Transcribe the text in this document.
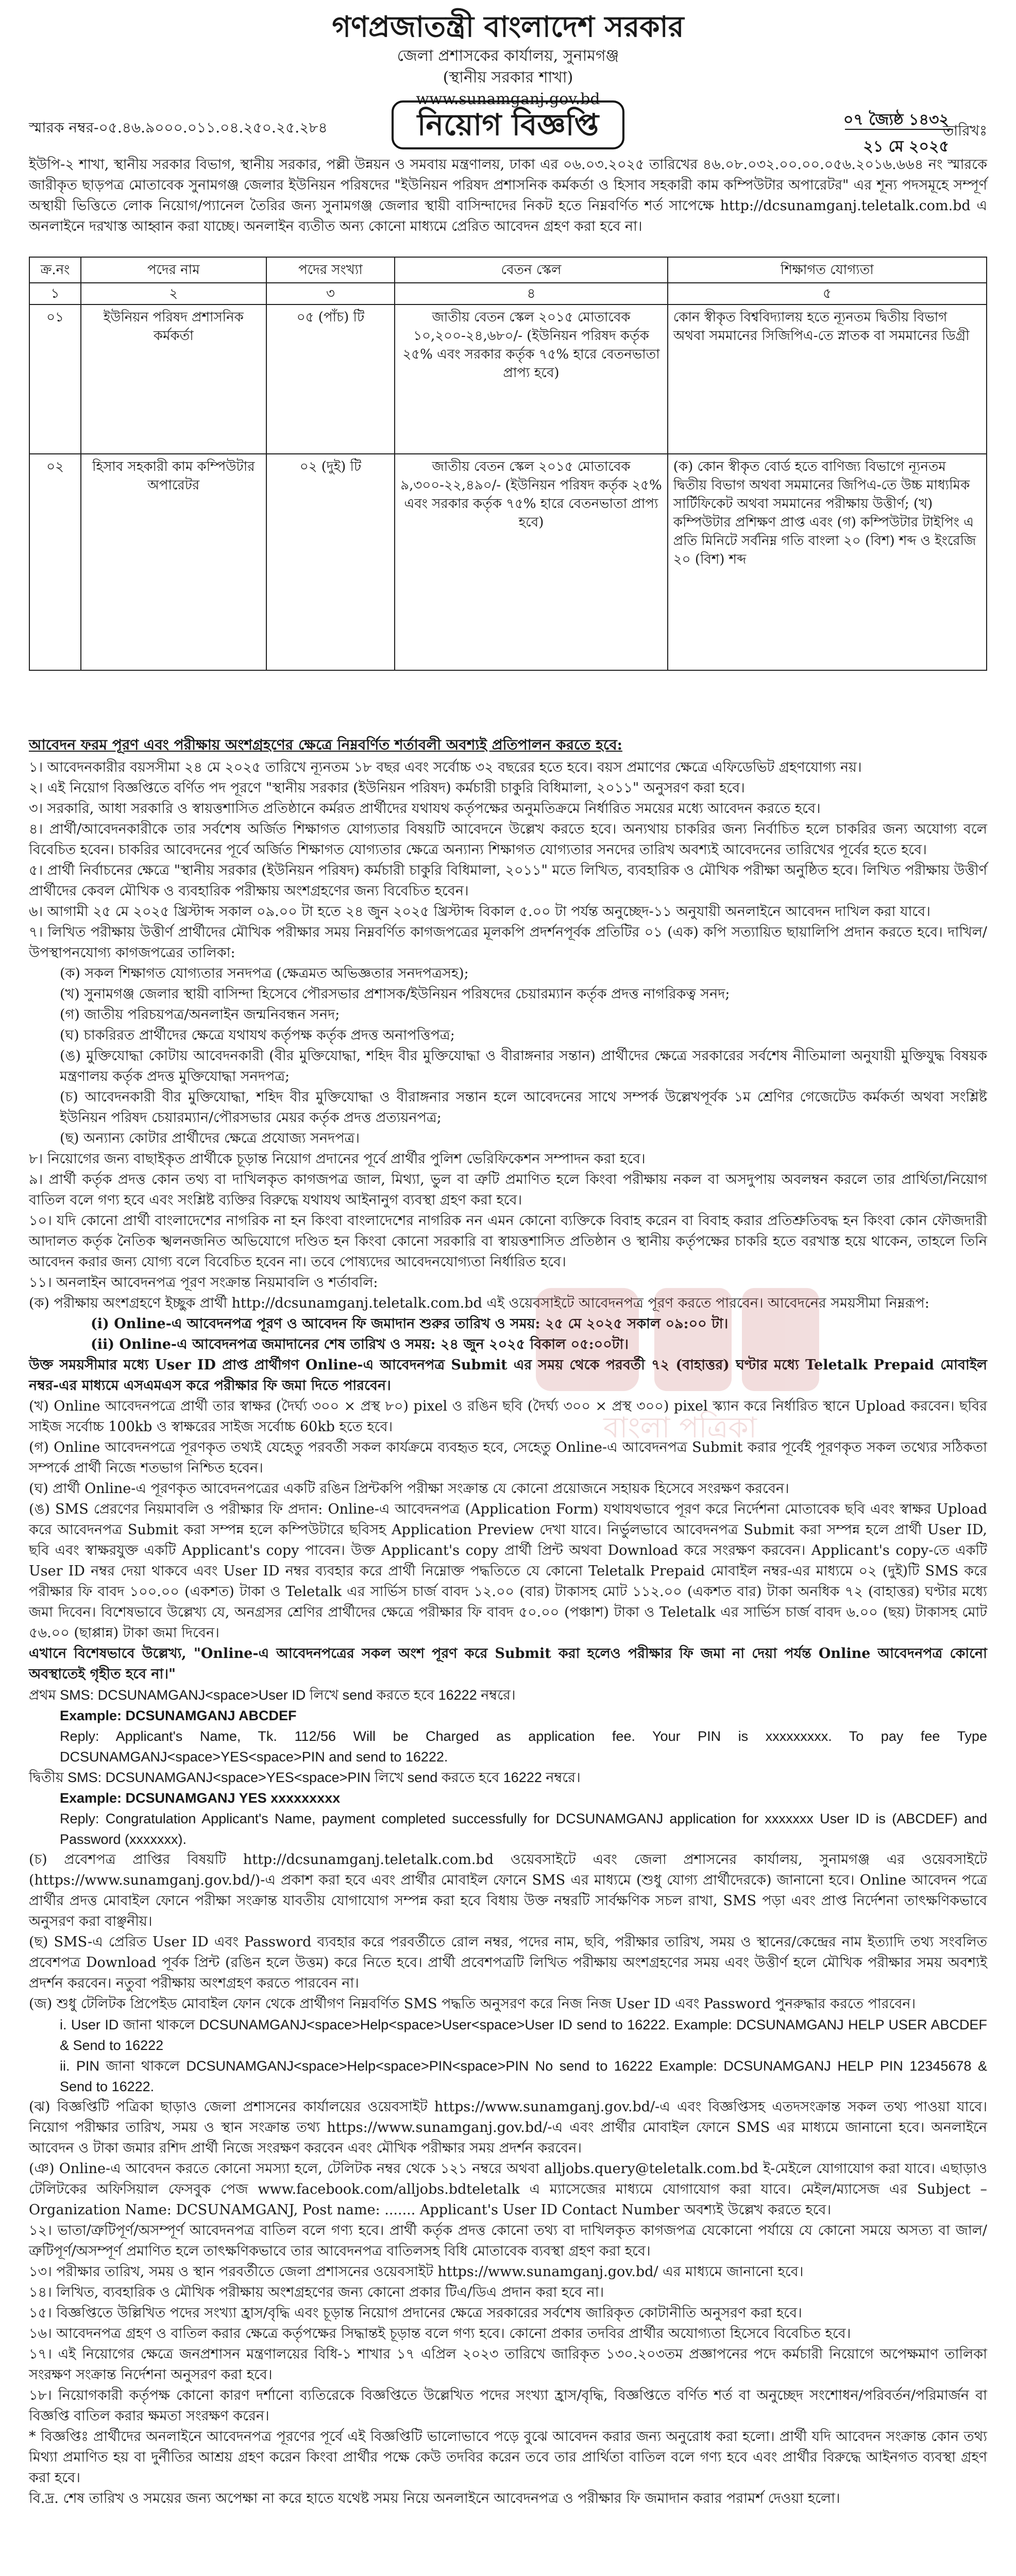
গণপ্রজাতন্ত্রী বাংলাদেশ সরকার
জেলা প্রশাসকের কার্যালয়, সুনামগঞ্জ
(স্থানীয় সরকার শাখা)
www.sunamganj.gov.bd
স্মারক নম্বর-০৫.৪৬.৯০০০.০১১.০৪.২৫০.২৫.২৮৪	নিয়োগ বিজ্ঞপ্তি	০৭ জ্যৈষ্ঠ ১৪৩২
তারিখঃ
২১ মে ২০২৫
ইউপি-২ শাখা, স্থানীয় সরকার বিভাগ, স্থানীয় সরকার, পল্লী উন্নয়ন ও সমবায় মন্ত্রণালয়, ঢাকা এর ০৬.০৩.২০২৫ তারিখের ৪৬.০৮.০৩২.০০.০০.০৫৬.২০১৬.৬৬৪ নং স্মারকে জারীকৃত ছাড়পত্র মোতাবেক সুনামগঞ্জ জেলার ইউনিয়ন পরিষদের "ইউনিয়ন পরিষদ প্রশাসনিক কর্মকর্তা ও হিসাব সহকারী কাম কম্পিউটার অপারেটর" এর শূন্য পদসমূহে সম্পূর্ণ অস্থায়ী ভিত্তিতে লোক নিয়োগ/প্যানেল তৈরির জন্য সুনামগঞ্জ জেলার স্থায়ী বাসিন্দাদের নিকট হতে নিম্নবর্ণিত শর্ত সাপেক্ষে http://dcsunamganj.teletalk.com.bd এ অনলাইনে দরখাস্ত আহ্বান করা যাচ্ছে। অনলাইন ব্যতীত অন্য কোনো মাধ্যমে প্রেরিত আবেদন গ্রহণ করা হবে না।
ক্র.নং	পদের নাম	পদের সংখ্যা	বেতন স্কেল	শিক্ষাগত যোগ্যতা
১	২	৩	৪	৫
০১	ইউনিয়ন পরিষদ প্রশাসনিক কর্মকর্তা	০৫ (পাঁচ) টি	জাতীয় বেতন স্কেল ২০১৫ মোতাবেক ১০,২০০-২৪,৬৮০/- (ইউনিয়ন পরিষদ কর্তৃক ২৫% এবং সরকার কর্তৃক ৭৫% হারে বেতনভাতা প্রাপ্য হবে)	কোন স্বীকৃত বিশ্ববিদ্যালয় হতে ন্যূনতম দ্বিতীয় বিভাগ অথবা সমমানের সিজিপিএ-তে স্নাতক বা সমমানের ডিগ্রী
০২	হিসাব সহকারী কাম কম্পিউটার অপারেটর	০২ (দুই) টি	জাতীয় বেতন স্কেল ২০১৫ মোতাবেক ৯,৩০০-২২,৪৯০/- (ইউনিয়ন পরিষদ কর্তৃক ২৫% এবং সরকার কর্তৃক ৭৫% হারে বেতনভাতা প্রাপ্য হবে)	(ক) কোন স্বীকৃত বোর্ড হতে বাণিজ্য বিভাগে ন্যূনতম দ্বিতীয় বিভাগ অথবা সমমানের জিপিএ-তে উচ্চ মাধ্যমিক সার্টিফিকেট অথবা সমমানের পরীক্ষায় উত্তীর্ণ; (খ) কম্পিউটার প্রশিক্ষণ প্রাপ্ত এবং (গ) কম্পিউটার টাইপিং এ প্রতি মিনিটে সর্বনিম্ন গতি বাংলা ২০ (বিশ) শব্দ ও ইংরেজি ২০ (বিশ) শব্দ
আবেদন ফরম পূরণ এবং পরীক্ষায় অংশগ্রহণের ক্ষেত্রে নিম্নবর্ণিত শর্তাবলী অবশ্যই প্রতিপালন করতে হবে:

১। আবেদনকারীর বয়সসীমা ২৪ মে ২০২৫ তারিখে ন্যূনতম ১৮ বছর এবং সর্বোচ্চ ৩২ বছরের হতে হবে। বয়স প্রমাণের ক্ষেত্রে এফিডেভিট গ্রহণযোগ্য নয়।

২। এই নিয়োগ বিজ্ঞপ্তিতে বর্ণিত পদ পূরণে "স্থানীয় সরকার (ইউনিয়ন পরিষদ) কর্মচারী চাকুরি বিধিমালা, ২০১১" অনুসরণ করা হবে।

৩। সরকারি, আধা সরকারি ও স্বায়ত্তশাসিত প্রতিষ্ঠানে কর্মরত প্রার্থীদের যথাযথ কর্তৃপক্ষের অনুমতিক্রমে নির্ধারিত সময়ের মধ্যে আবেদন করতে হবে।

৪। প্রার্থী/আবেদনকারীকে তার সর্বশেষ অর্জিত শিক্ষাগত যোগ্যতার বিষয়টি আবেদনে উল্লেখ করতে হবে। অন্যথায় চাকরির জন্য নির্বাচিত হলে চাকরির জন্য অযোগ্য বলে বিবেচিত হবেন। চাকরির আবেদনের পূর্বে অর্জিত শিক্ষাগত যোগ্যতার ক্ষেত্রে অন্যান্য শিক্ষাগত যোগ্যতার সনদের তারিখ অবশ্যই আবেদনের তারিখের পূর্বের হতে হবে।

৫। প্রার্থী নির্বাচনের ক্ষেত্রে "স্থানীয় সরকার (ইউনিয়ন পরিষদ) কর্মচারী চাকুরি বিধিমালা, ২০১১" মতে লিখিত, ব্যবহারিক ও মৌখিক পরীক্ষা অনুষ্ঠিত হবে। লিখিত পরীক্ষায় উত্তীর্ণ প্রার্থীদের কেবল মৌখিক ও ব্যবহারিক পরীক্ষায় অংশগ্রহণের জন্য বিবেচিত হবেন।

৬। আগামী ২৫ মে ২০২৫ খ্রিস্টাব্দ সকাল ০৯.০০ টা হতে ২৪ জুন ২০২৫ খ্রিস্টাব্দ বিকাল ৫.০০ টা পর্যন্ত অনুচ্ছেদ-১১ অনুযায়ী অনলাইনে আবেদন দাখিল করা যাবে।

৭। লিখিত পরীক্ষায় উত্তীর্ণ প্রার্থীদের মৌখিক পরীক্ষার সময় নিম্নবর্ণিত কাগজপত্রের মূলকপি প্রদর্শনপূর্বক প্রতিটির ০১ (এক) কপি সত্যায়িত ছায়ালিপি প্রদান করতে হবে। দাখিল/উপস্থাপনযোগ্য কাগজপত্রের তালিকা:

(ক) সকল শিক্ষাগত যোগ্যতার সনদপত্র (ক্ষেত্রমত অভিজ্ঞতার সনদপত্রসহ);

(খ) সুনামগঞ্জ জেলার স্থায়ী বাসিন্দা হিসেবে পৌরসভার প্রশাসক/ইউনিয়ন পরিষদের চেয়ারম্যান কর্তৃক প্রদত্ত নাগরিকত্ব সনদ;

(গ) জাতীয় পরিচয়পত্র/অনলাইন জন্মনিবন্ধন সনদ;

(ঘ) চাকরিরত প্রার্থীদের ক্ষেত্রে যথাযথ কর্তৃপক্ষ কর্তৃক প্রদত্ত অনাপত্তিপত্র;

(ঙ) মুক্তিযোদ্ধা কোটায় আবেদনকারী (বীর মুক্তিযোদ্ধা, শহিদ বীর মুক্তিযোদ্ধা ও বীরাঙ্গনার সন্তান) প্রার্থীদের ক্ষেত্রে সরকারের সর্বশেষ নীতিমালা অনুযায়ী মুক্তিযুদ্ধ বিষয়ক মন্ত্রণালয় কর্তৃক প্রদত্ত মুক্তিযোদ্ধা সনদপত্র;

(চ) আবেদনকারী বীর মুক্তিযোদ্ধা, শহিদ বীর মুক্তিযোদ্ধা ও বীরাঙ্গনার সন্তান হলে আবেদনের সাথে সম্পর্ক উল্লেখপূর্বক ১ম শ্রেণির গেজেটেড কর্মকর্তা অথবা সংশ্লিষ্ট ইউনিয়ন পরিষদ চেয়ারম্যান/পৌরসভার মেয়র কর্তৃক প্রদত্ত প্রত্যয়নপত্র;

(ছ) অন্যান্য কোটার প্রার্থীদের ক্ষেত্রে প্রযোজ্য সনদপত্র।

৮। নিয়োগের জন্য বাছাইকৃত প্রার্থীকে চূড়ান্ত নিয়োগ প্রদানের পূর্বে প্রার্থীর পুলিশ ভেরিফিকেশন সম্পাদন করা হবে।

৯। প্রার্থী কর্তৃক প্রদত্ত কোন তথ্য বা দাখিলকৃত কাগজপত্র জাল, মিথ্যা, ভুল বা ত্রুটি প্রমাণিত হলে কিংবা পরীক্ষায় নকল বা অসদুপায় অবলম্বন করলে তার প্রার্থিতা/নিয়োগ বাতিল বলে গণ্য হবে এবং সংশ্লিষ্ট ব্যক্তির বিরুদ্ধে যথাযথ আইনানুগ ব্যবস্থা গ্রহণ করা হবে।

১০। যদি কোনো প্রার্থী বাংলাদেশের নাগরিক না হন কিংবা বাংলাদেশের নাগরিক নন এমন কোনো ব্যক্তিকে বিবাহ করেন বা বিবাহ করার প্রতিশ্রুতিবদ্ধ হন কিংবা কোন ফৌজদারী আদালত কর্তৃক নৈতিক স্খলনজনিত অভিযোগে দণ্ডিত হন কিংবা কোনো সরকারি বা স্বায়ত্তশাসিত প্রতিষ্ঠান ও স্থানীয় কর্তৃপক্ষের চাকরি হতে বরখাস্ত হয়ে থাকেন, তাহলে তিনি আবেদন করার জন্য যোগ্য বলে বিবেচিত হবেন না। তবে পোষ্যদের আবেদনযোগ্যতা নির্ধারিত হবে।

১১। অনলাইন আবেদনপত্র পূরণ সংক্রান্ত নিয়মাবলি ও শর্তাবলি:

(ক) পরীক্ষায় অংশগ্রহণে ইচ্ছুক প্রার্থী http://dcsunamganj.teletalk.com.bd এই ওয়েবসাইটে আবেদনপত্র পূরণ করতে পারবেন। আবেদনের সময়সীমা নিম্নরূপ:

(i) Online-এ আবেদনপত্র পূরণ ও আবেদন ফি জমাদান শুরুর তারিখ ও সময়: ২৫ মে ২০২৫ সকাল ০৯:০০ টা।

(ii) Online-এ আবেদনপত্র জমাদানের শেষ তারিখ ও সময়: ২৪ জুন ২০২৫ বিকাল ০৫:০০টা।

উক্ত সময়সীমার মধ্যে User ID প্রাপ্ত প্রার্থীগণ Online-এ আবেদনপত্র Submit এর সময় থেকে পরবর্তী ৭২ (বাহাত্তর) ঘণ্টার মধ্যে Teletalk Prepaid মোবাইল নম্বর-এর মাধ্যমে এসএমএস করে পরীক্ষার ফি জমা দিতে পারবেন।

(খ) Online আবেদনপত্রে প্রার্থী তার স্বাক্ষর (দৈর্ঘ্য ৩০০ × প্রস্থ ৮০) pixel ও রঙিন ছবি (দৈর্ঘ্য ৩০০ × প্রস্থ ৩০০) pixel স্ক্যান করে নির্ধারিত স্থানে Upload করবেন। ছবির সাইজ সর্বোচ্চ 100kb ও স্বাক্ষরের সাইজ সর্বোচ্চ 60kb হতে হবে।

(গ) Online আবেদনপত্রে পূরণকৃত তথ্যই যেহেতু পরবর্তী সকল কার্যক্রমে ব্যবহৃত হবে, সেহেতু Online-এ আবেদনপত্র Submit করার পূর্বেই পূরণকৃত সকল তথ্যের সঠিকতা সম্পর্কে প্রার্থী নিজে শতভাগ নিশ্চিত হবেন।

(ঘ) প্রার্থী Online-এ পূরণকৃত আবেদনপত্রের একটি রঙিন প্রিন্টকপি পরীক্ষা সংক্রান্ত যে কোনো প্রয়োজনে সহায়ক হিসেবে সংরক্ষণ করবেন।

(ঙ) SMS প্রেরণের নিয়মাবলি ও পরীক্ষার ফি প্রদান: Online-এ আবেদনপত্র (Application Form) যথাযথভাবে পূরণ করে নির্দেশনা মোতাবেক ছবি এবং স্বাক্ষর Upload করে আবেদনপত্র Submit করা সম্পন্ন হলে কম্পিউটারে ছবিসহ Application Preview দেখা যাবে। নির্ভুলভাবে আবেদনপত্র Submit করা সম্পন্ন হলে প্রার্থী User ID, ছবি এবং স্বাক্ষরযুক্ত একটি Applicant's copy পাবেন। উক্ত Applicant's copy প্রার্থী প্রিন্ট অথবা Download করে সংরক্ষণ করবেন। Applicant's copy-তে একটি User ID নম্বর দেয়া থাকবে এবং User ID নম্বর ব্যবহার করে প্রার্থী নিম্নোক্ত পদ্ধতিতে যে কোনো Teletalk Prepaid মোবাইল নম্বর-এর মাধ্যমে ০২ (দুই)টি SMS করে পরীক্ষার ফি বাবদ ১০০.০০ (একশত) টাকা ও Teletalk এর সার্ভিস চার্জ বাবদ ১২.০০ (বার) টাকাসহ মোট ১১২.০০ (একশত বার) টাকা অনধিক ৭২ (বাহাত্তর) ঘণ্টার মধ্যে জমা দিবেন। বিশেষভাবে উল্লেখ্য যে, অনগ্রসর শ্রেণির প্রার্থীদের ক্ষেত্রে পরীক্ষার ফি বাবদ ৫০.০০ (পঞ্চাশ) টাকা ও Teletalk এর সার্ভিস চার্জ বাবদ ৬.০০ (ছয়) টাকাসহ মোট ৫৬.০০ (ছাপ্পান্ন) টাকা জমা দিবেন।

এখানে বিশেষভাবে উল্লেখ্য, "Online-এ আবেদনপত্রের সকল অংশ পূরণ করে Submit করা হলেও পরীক্ষার ফি জমা না দেয়া পর্যন্ত Online আবেদনপত্র কোনো অবস্থাতেই গৃহীত হবে না।"

প্রথম SMS: DCSUNAMGANJ<space>User ID লিখে send করতে হবে 16222 নম্বরে।

Example: DCSUNAMGANJ ABCDEF

Reply: Applicant's Name, Tk. 112/56 Will be Charged as application fee. Your PIN is xxxxxxxxx. To pay fee Type DCSUNAMGANJ<space>YES<space>PIN and send to 16222.

দ্বিতীয় SMS: DCSUNAMGANJ<space>YES<space>PIN লিখে send করতে হবে 16222 নম্বরে।

Example: DCSUNAMGANJ YES xxxxxxxxx

Reply: Congratulation Applicant's Name, payment completed successfully for DCSUNAMGANJ application for xxxxxxx User ID is (ABCDEF) and Password (xxxxxxx).

(চ) প্রবেশপত্র প্রাপ্তির বিষয়টি http://dcsunamganj.teletalk.com.bd ওয়েবসাইটে এবং জেলা প্রশাসনের কার্যালয়, সুনামগঞ্জ এর ওয়েবসাইটে (https://www.sunamganj.gov.bd/)-এ প্রকাশ করা হবে এবং প্রার্থীর মোবাইল ফোনে SMS এর মাধ্যমে (শুধু যোগ্য প্রার্থীদেরকে) জানানো হবে। Online আবেদন পত্রে প্রার্থীর প্রদত্ত মোবাইল ফোনে পরীক্ষা সংক্রান্ত যাবতীয় যোগাযোগ সম্পন্ন করা হবে বিধায় উক্ত নম্বরটি সার্বক্ষণিক সচল রাখা, SMS পড়া এবং প্রাপ্ত নির্দেশনা তাৎক্ষণিকভাবে অনুসরণ করা বাঞ্ছনীয়।

(ছ) SMS-এ প্রেরিত User ID এবং Password ব্যবহার করে পরবর্তীতে রোল নম্বর, পদের নাম, ছবি, পরীক্ষার তারিখ, সময় ও স্থানের/কেন্দ্রের নাম ইত্যাদি তথ্য সংবলিত প্রবেশপত্র Download পূর্বক প্রিন্ট (রঙিন হলে উত্তম) করে নিতে হবে। প্রার্থী প্রবেশপত্রটি লিখিত পরীক্ষায় অংশগ্রহণের সময় এবং উত্তীর্ণ হলে মৌখিক পরীক্ষার সময় অবশ্যই প্রদর্শন করবেন। নতুবা পরীক্ষায় অংশগ্রহণ করতে পারবেন না।

(জ) শুধু টেলিটক প্রিপেইড মোবাইল ফোন থেকে প্রার্থীগণ নিম্নবর্ণিত SMS পদ্ধতি অনুসরণ করে নিজ নিজ User ID এবং Password পুনরুদ্ধার করতে পারবেন।

i. User ID জানা থাকলে DCSUNAMGANJ<space>Help<space>User<space>User ID send to 16222. Example: DCSUNAMGANJ HELP USER ABCDEF & Send to 16222

ii. PIN জানা থাকলে DCSUNAMGANJ<space>Help<space>PIN<space>PIN No send to 16222 Example: DCSUNAMGANJ HELP PIN 12345678 & Send to 16222.

(ঝ) বিজ্ঞপ্তিটি পত্রিকা ছাড়াও জেলা প্রশাসনের কার্যালয়ের ওয়েবসাইট https://www.sunamganj.gov.bd/-এ এবং বিজ্ঞপ্তিসহ এতদসংক্রান্ত সকল তথ্য পাওয়া যাবে। নিয়োগ পরীক্ষার তারিখ, সময় ও স্থান সংক্রান্ত তথ্য https://www.sunamganj.gov.bd/-এ এবং প্রার্থীর মোবাইল ফোনে SMS এর মাধ্যমে জানানো হবে। অনলাইনে আবেদন ও টাকা জমার রশিদ প্রার্থী নিজে সংরক্ষণ করবেন এবং মৌখিক পরীক্ষার সময় প্রদর্শন করবেন।

(ঞ) Online-এ আবেদন করতে কোনো সমস্যা হলে, টেলিটক নম্বর থেকে ১২১ নম্বরে অথবা alljobs.query@teletalk.com.bd ই-মেইলে যোগাযোগ করা যাবে। এছাড়াও টেলিটকের অফিসিয়াল ফেসবুক পেজ www.facebook.com/alljobs.bdteletalk এ ম্যাসেজের মাধ্যমে যোগাযোগ করা যাবে। মেইল/ম্যাসেজ এর Subject – Organization Name: DCSUNAMGANJ, Post name: ....... Applicant's User ID Contact Number অবশ্যই উল্লেখ করতে হবে।

১২। ভাতা/ত্রুটিপূর্ণ/অসম্পূর্ণ আবেদনপত্র বাতিল বলে গণ্য হবে। প্রার্থী কর্তৃক প্রদত্ত কোনো তথ্য বা দাখিলকৃত কাগজপত্র যেকোনো পর্যায়ে যে কোনো সময়ে অসত্য বা জাল/ত্রুটিপূর্ণ/অসম্পূর্ণ প্রমাণিত হলে তাৎক্ষণিকভাবে তার আবেদনপত্র বাতিলসহ বিধি মোতাবেক ব্যবস্থা গ্রহণ করা হবে।

১৩। পরীক্ষার তারিখ, সময় ও স্থান পরবর্তীতে জেলা প্রশাসনের ওয়েবসাইট https://www.sunamganj.gov.bd/ এর মাধ্যমে জানানো হবে।

১৪। লিখিত, ব্যবহারিক ও মৌখিক পরীক্ষায় অংশগ্রহণের জন্য কোনো প্রকার টিএ/ডিএ প্রদান করা হবে না।

১৫। বিজ্ঞপ্তিতে উল্লিখিত পদের সংখ্যা হ্রাস/বৃদ্ধি এবং চূড়ান্ত নিয়োগ প্রদানের ক্ষেত্রে সরকারের সর্বশেষ জারিকৃত কোটানীতি অনুসরণ করা হবে।

১৬। আবেদনপত্র গ্রহণ ও বাতিল করার ক্ষেত্রে কর্তৃপক্ষের সিদ্ধান্তই চূড়ান্ত বলে গণ্য হবে। কোনো প্রকার তদবির প্রার্থীর অযোগ্যতা হিসেবে বিবেচিত হবে।

১৭। এই নিয়োগের ক্ষেত্রে জনপ্রশাসন মন্ত্রণালয়ের বিধি-১ শাখার ১৭ এপ্রিল ২০২৩ তারিখে জারিকৃত ১৩০.২০৩তম প্রজ্ঞাপনের পদে কর্মচারী নিয়োগে অপেক্ষমাণ তালিকা সংরক্ষণ সংক্রান্ত নির্দেশনা অনুসরণ করা হবে।

১৮। নিয়োগকারী কর্তৃপক্ষ কোনো কারণ দর্শানো ব্যতিরেকে বিজ্ঞপ্তিতে উল্লেখিত পদের সংখ্যা হ্রাস/বৃদ্ধি, বিজ্ঞপ্তিতে বর্ণিত শর্ত বা অনুচ্ছেদ সংশোধন/পরিবর্তন/পরিমার্জন বা বিজ্ঞপ্তি বাতিল করার ক্ষমতা সংরক্ষণ করেন।

* বিজ্ঞপ্তিঃ প্রার্থীদের অনলাইনে আবেদনপত্র পূরণের পূর্বে এই বিজ্ঞপ্তিটি ভালোভাবে পড়ে বুঝে আবেদন করার জন্য অনুরোধ করা হলো। প্রার্থী যদি আবেদন সংক্রান্ত কোন তথ্য মিথ্যা প্রমাণিত হয় বা দুর্নীতির আশ্রয় গ্রহণ করেন কিংবা প্রার্থীর পক্ষে কেউ তদবির করেন তবে তার প্রার্থিতা বাতিল বলে গণ্য হবে এবং প্রার্থীর বিরুদ্ধে আইনগত ব্যবস্থা গ্রহণ করা হবে।

বি.দ্র. শেষ তারিখ ও সময়ের জন্য অপেক্ষা না করে হাতে যথেষ্ট সময় নিয়ে অনলাইনে আবেদনপত্র ও পরীক্ষার ফি জমাদান করার পরামর্শ দেওয়া হলো।

বাংলা পত্রিকা
